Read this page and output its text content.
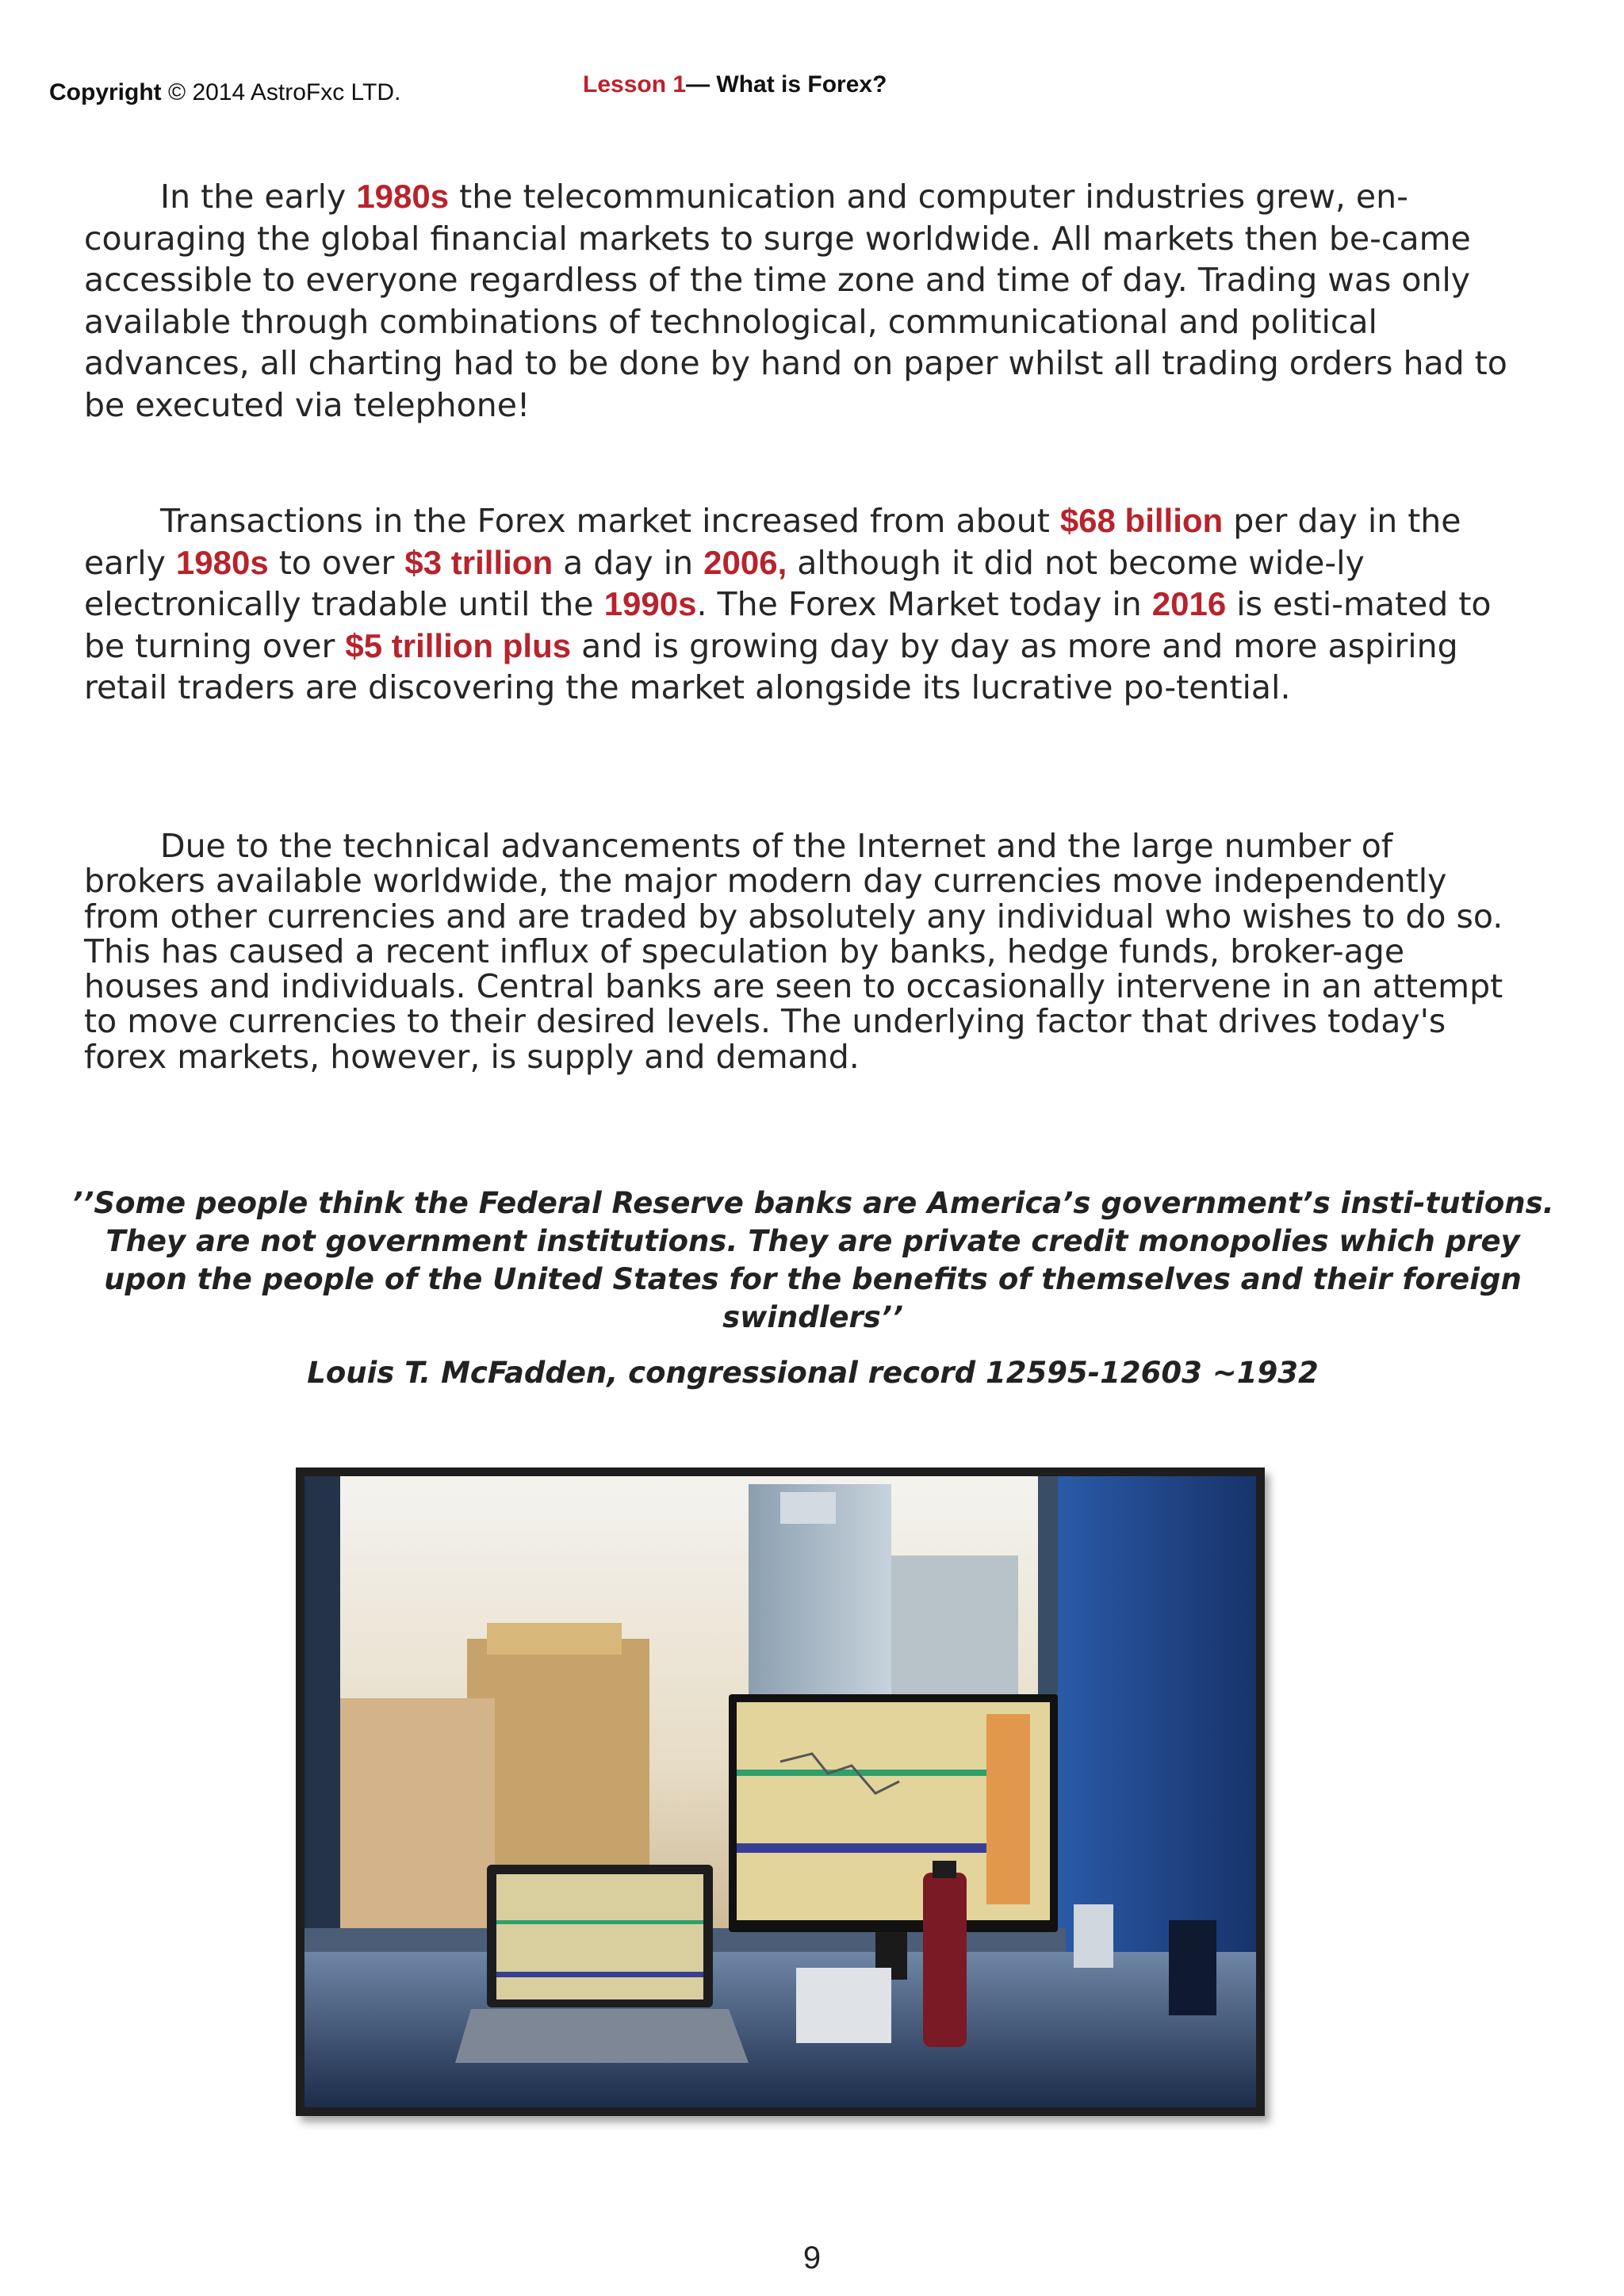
Copyright © 2014 AstroFxc LTD.	Lesson 1— What is Forex?

In the early 1980s the telecommunication and computer industries grew, en-couraging the global financial markets to surge worldwide. All markets then be-came accessible to everyone regardless of the time zone and time of day. Trading was only available through combinations of technological, communicational and political advances, all charting had to be done by hand on paper whilst all trading orders had to be executed via telephone!

Transactions in the Forex market increased from about $68 billion per day in the early 1980s to over $3 trillion a day in 2006, although it did not become wide-ly electronically tradable until the 1990s. The Forex Market today in 2016 is esti-mated to be turning over $5 trillion plus and is growing day by day as more and more aspiring retail traders are discovering the market alongside its lucrative po-tential.

Due to the technical advancements of the Internet and the large number of brokers available worldwide, the major modern day currencies move independently from other currencies and are traded by absolutely any individual who wishes to do so. This has caused a recent influx of speculation by banks, hedge funds, broker-age houses and individuals. Central banks are seen to occasionally intervene in an attempt to move currencies to their desired levels. The underlying factor that drives today's forex markets, however, is supply and demand.

’’Some people think the Federal Reserve banks are America’s government’s insti-tutions. They are not government institutions. They are private credit monopolies which prey upon the people of the United States for the benefits of themselves and their foreign swindlers’’

Louis T. McFadden, congressional record 12595-12603 ~1932
9
